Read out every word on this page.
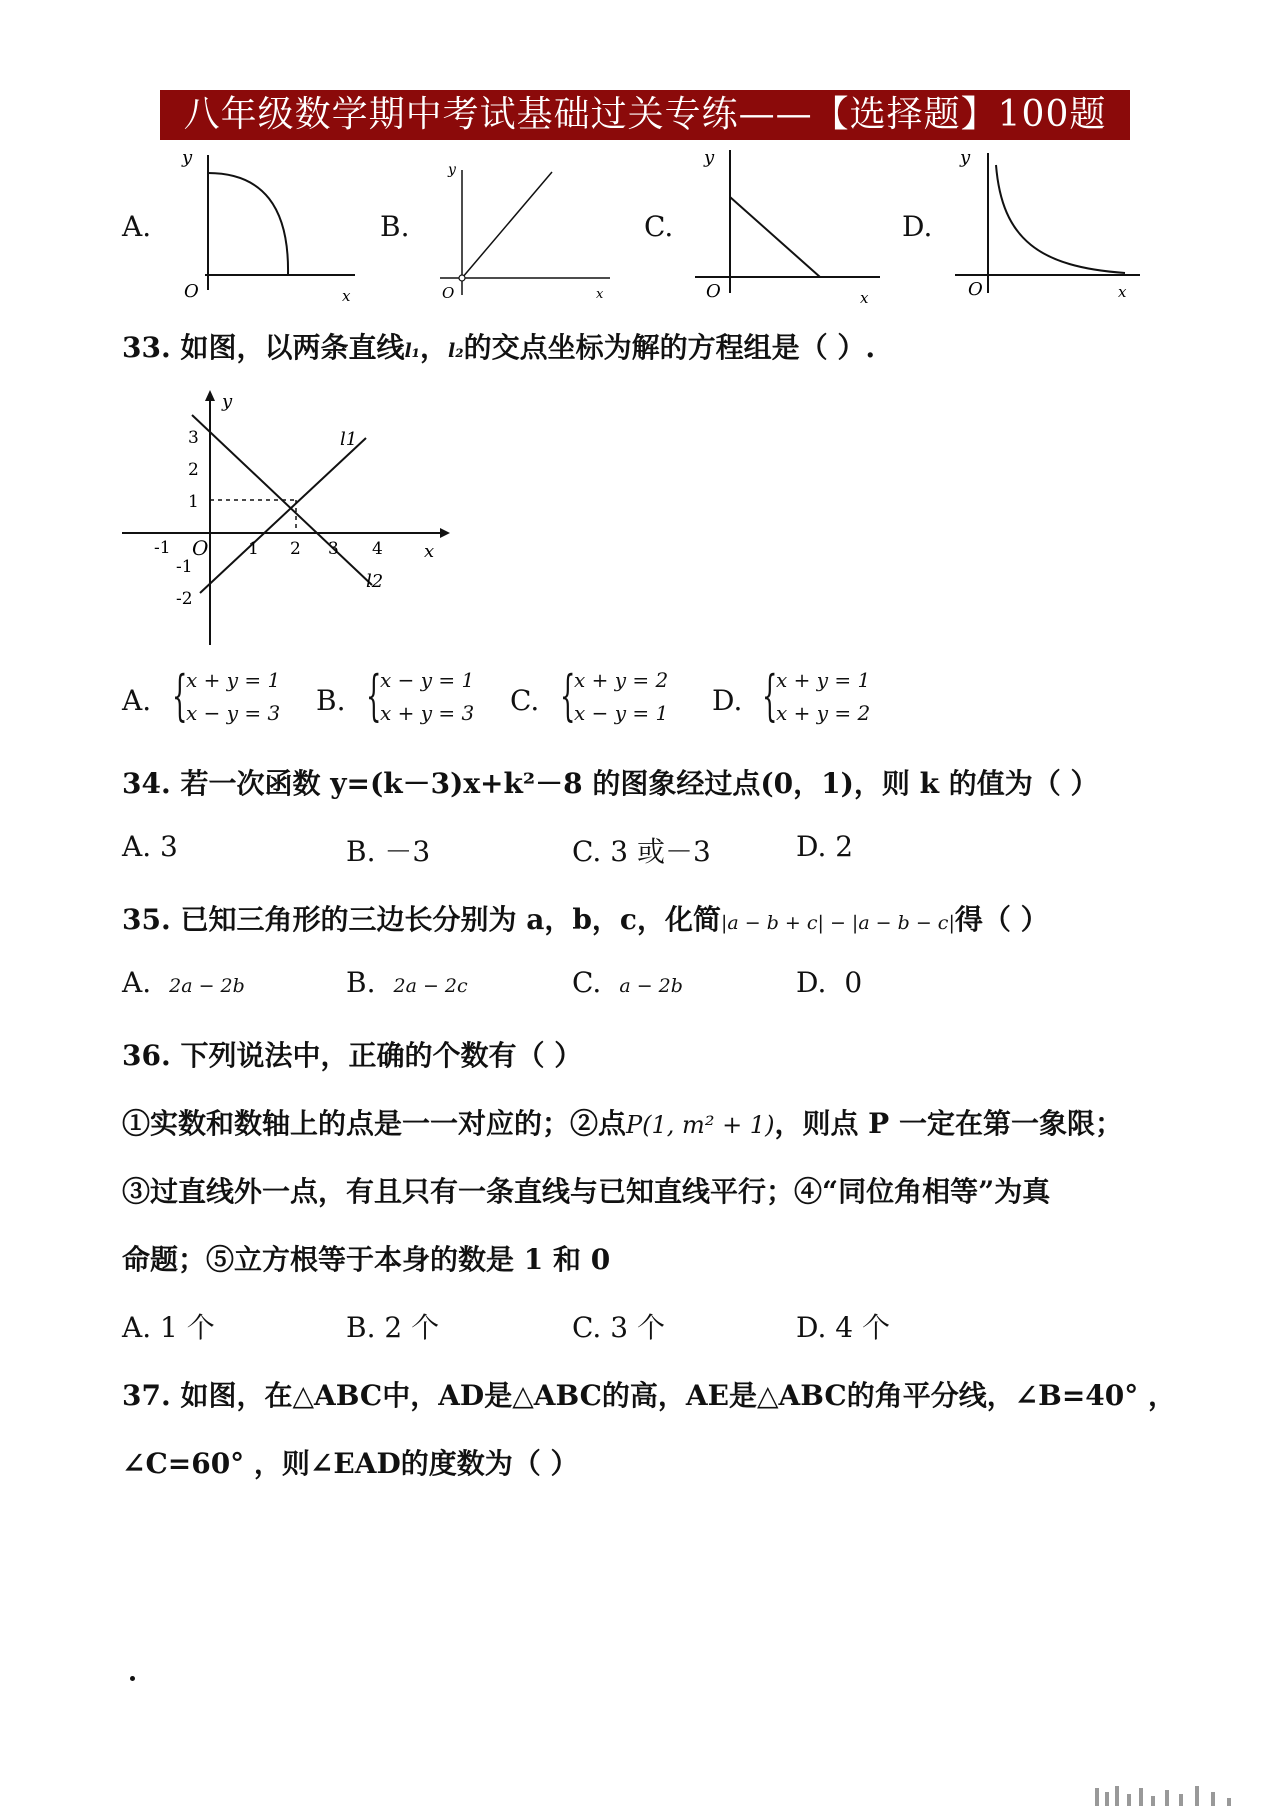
八年级数学期中考试基础过关专练——【选择题】100题
A.	B.	C.	D.
y
O	x
y
O	x
y
O	x
y
O	x
33. 如图，以两条直线l₁，l₂的交点坐标为解的方程组是（ ）.
3
2
1
-1
-2
-1	1 2 3 4
O	x
y
l1
l2
A. {
x + y = 1
x − y = 3 B. {
x − y = 1
x + y = 3 C. {
x + y = 2
x − y = 1 D. {
x + y = 1
x + y = 2
34. 若一次函数 y=(k－3)x+k²－8 的图象经过点(0，1)，则 k 的值为（ ）
A. 3	B. －3	C. 3 或－3	D. 2
35. 已知三角形的三边长分别为 a，b，c，化简|a − b + c| − |a − b − c|得（ ）
A. 2a − 2b	B. 2a − 2c	C. a − 2b	D. 0
36. 下列说法中，正确的个数有（ ）
①实数和数轴上的点是一一对应的；②点P(1, m² + 1)，则点 P 一定在第一象限；
③过直线外一点，有且只有一条直线与已知直线平行；④“同位角相等”为真
命题；⑤立方根等于本身的数是 1 和 0
A. 1 个	B. 2 个	C. 3 个	D. 4 个
37. 如图，在△ABC中，AD是△ABC的高，AE是△ABC的角平分线，∠B=40° ，
∠C=60° ，则∠EAD的度数为（ ）
